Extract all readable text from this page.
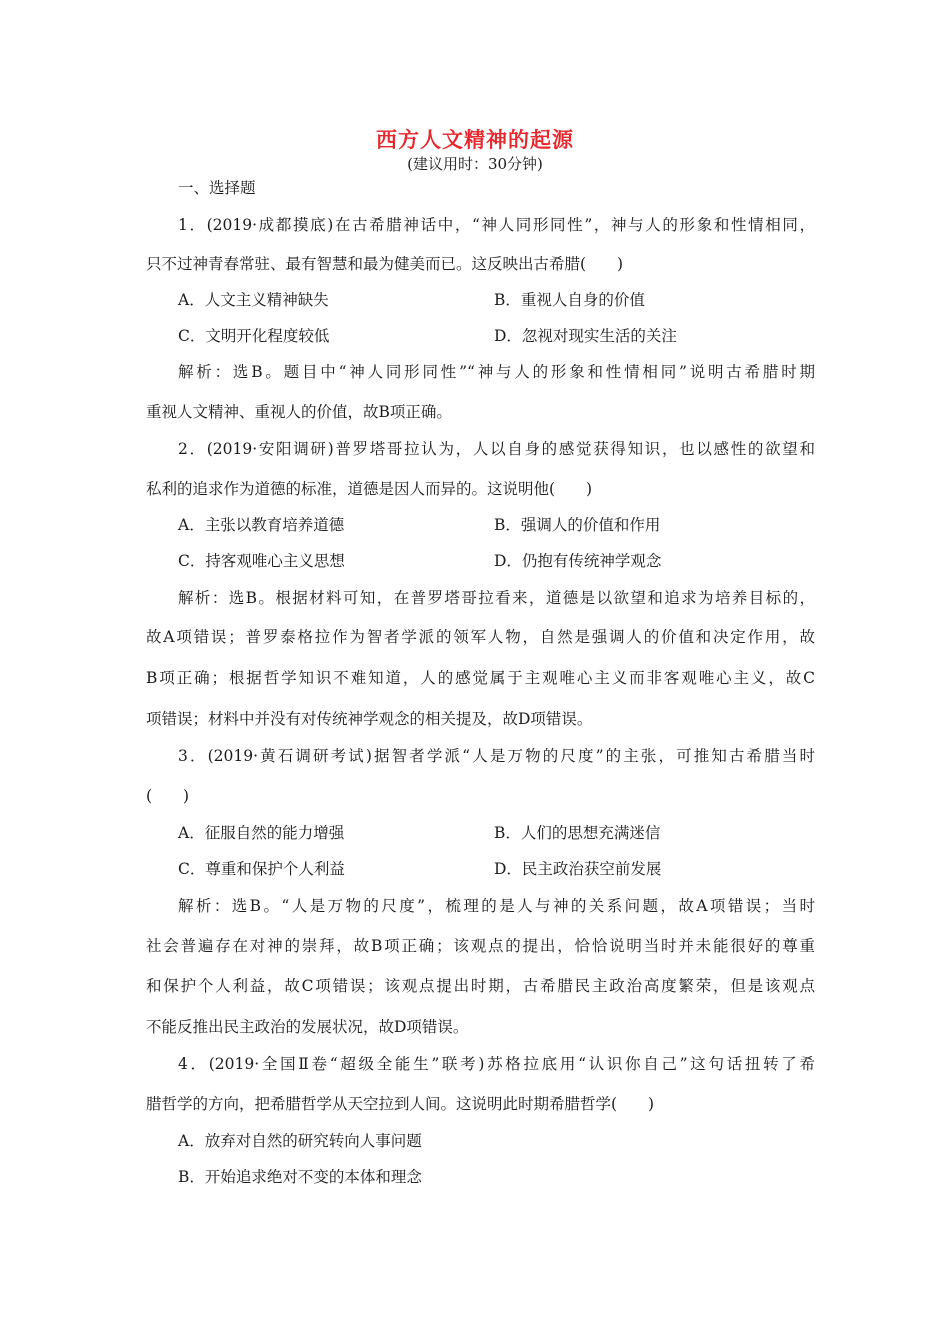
西方人文精神的起源
(建议用时：30分钟)
一、选择题
1．(2019·成都摸底)在古希腊神话中，“神人同形同性”，神与人的形象和性情相同，
只不过神青春常驻、最有智慧和最为健美而已。这反映出古希腊(　　)
A．人文主义精神缺失	B．重视人自身的价值
C．文明开化程度较低	D．忽视对现实生活的关注
解析：选B。题目中“神人同形同性”“神与人的形象和性情相同”说明古希腊时期
重视人文精神、重视人的价值，故B项正确。
2．(2019·安阳调研)普罗塔哥拉认为，人以自身的感觉获得知识，也以感性的欲望和
私利的追求作为道德的标准，道德是因人而异的。这说明他(　　)
A．主张以教育培养道德	B．强调人的价值和作用
C．持客观唯心主义思想	D．仍抱有传统神学观念
解析：选B。根据材料可知，在普罗塔哥拉看来，道德是以欲望和追求为培养目标的，
故A项错误；普罗泰格拉作为智者学派的领军人物，自然是强调人的价值和决定作用，故
B项正确；根据哲学知识不难知道，人的感觉属于主观唯心主义而非客观唯心主义，故C
项错误；材料中并没有对传统神学观念的相关提及，故D项错误。
3．(2019·黄石调研考试)据智者学派“人是万物的尺度”的主张，可推知古希腊当时
(　　)
A．征服自然的能力增强	B．人们的思想充满迷信
C．尊重和保护个人利益	D．民主政治获空前发展
解析：选B。“人是万物的尺度”，梳理的是人与神的关系问题，故A项错误；当时
社会普遍存在对神的崇拜，故B项正确；该观点的提出，恰恰说明当时并未能很好的尊重
和保护个人利益，故C项错误；该观点提出时期，古希腊民主政治高度繁荣，但是该观点
不能反推出民主政治的发展状况，故D项错误。
4．(2019·全国Ⅱ卷“超级全能生”联考)苏格拉底用“认识你自己”这句话扭转了希
腊哲学的方向，把希腊哲学从天空拉到人间。这说明此时期希腊哲学(　　)
A．放弃对自然的研究转向人事问题
B．开始追求绝对不变的本体和理念
